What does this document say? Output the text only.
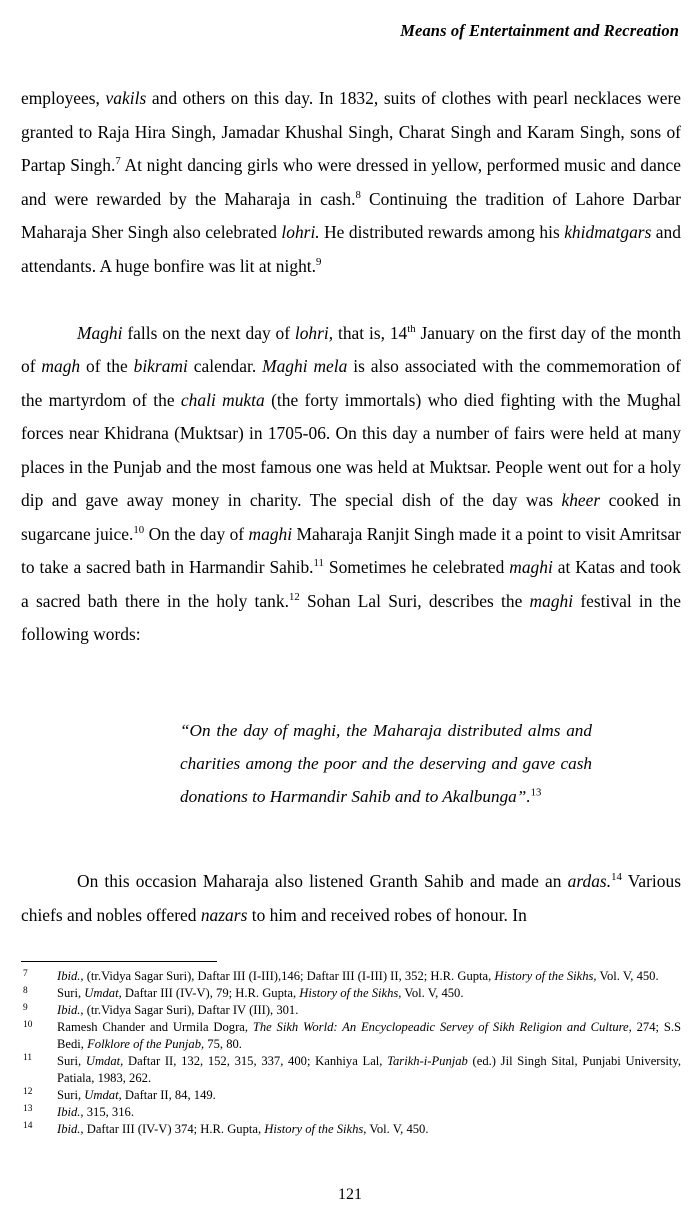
Means of Entertainment and Recreation

employees, vakils and others on this day. In 1832, suits of clothes with pearl necklaces were granted to Raja Hira Singh, Jamadar Khushal Singh, Charat Singh and Karam Singh, sons of Partap Singh.$^7$ At night dancing girls who were dressed in yellow, performed music and dance and were rewarded by the Maharaja in cash.$^8$ Continuing the tradition of Lahore Darbar Maharaja Sher Singh also celebrated lohri. He distributed rewards among his khidmatgars and attendants. A huge bonfire was lit at night.$^9$

Maghi falls on the next day of lohri, that is, 14th January on the first day of the month of magh of the bikrami calendar. Maghi mela is also associated with the commemoration of the martyrdom of the chali mukta (the forty immortals) who died fighting with the Mughal forces near Khidrana (Muktsar) in 1705-06. On this day a number of fairs were held at many places in the Punjab and the most famous one was held at Muktsar. People went out for a holy dip and gave away money in charity. The special dish of the day was kheer cooked in sugarcane juice.$^{10}$ On the day of maghi Maharaja Ranjit Singh made it a point to visit Amritsar to take a sacred bath in Harmandir Sahib.$^{11}$ Sometimes he celebrated maghi at Katas and took a sacred bath there in the holy tank.$^{12}$ Sohan Lal Suri, describes the maghi festival in the following words:

“On the day of maghi, the Maharaja distributed alms and charities among the poor and the deserving and gave cash donations to Harmandir Sahib and to Akalbunga”.$^{13}$

On this occasion Maharaja also listened Granth Sahib and made an ardas.$^{14}$ Various chiefs and nobles offered nazars to him and received robes of honour. In

7	Ibid., (tr.Vidya Sagar Suri), Daftar III (I-III),146; Daftar III (I-III) II, 352; H.R. Gupta, History of the Sikhs, Vol. V, 450.
8	Suri, Umdat, Daftar III (IV-V), 79; H.R. Gupta, History of the Sikhs, Vol. V, 450.
9	Ibid., (tr.Vidya Sagar Suri), Daftar IV (III), 301.
10	Ramesh Chander and Urmila Dogra, The Sikh World: An Encyclopeadic Servey of Sikh Religion and Culture, 274; S.S Bedi, Folklore of the Punjab, 75, 80.
11	Suri, Umdat, Daftar II, 132, 152, 315, 337, 400; Kanhiya Lal, Tarikh-i-Punjab (ed.) Jil Singh Sital, Punjabi University, Patiala, 1983, 262.
12	Suri, Umdat, Daftar II, 84, 149.
13	Ibid., 315, 316.
14	Ibid., Daftar III (IV-V) 374; H.R. Gupta, History of the Sikhs, Vol. V, 450.
121
